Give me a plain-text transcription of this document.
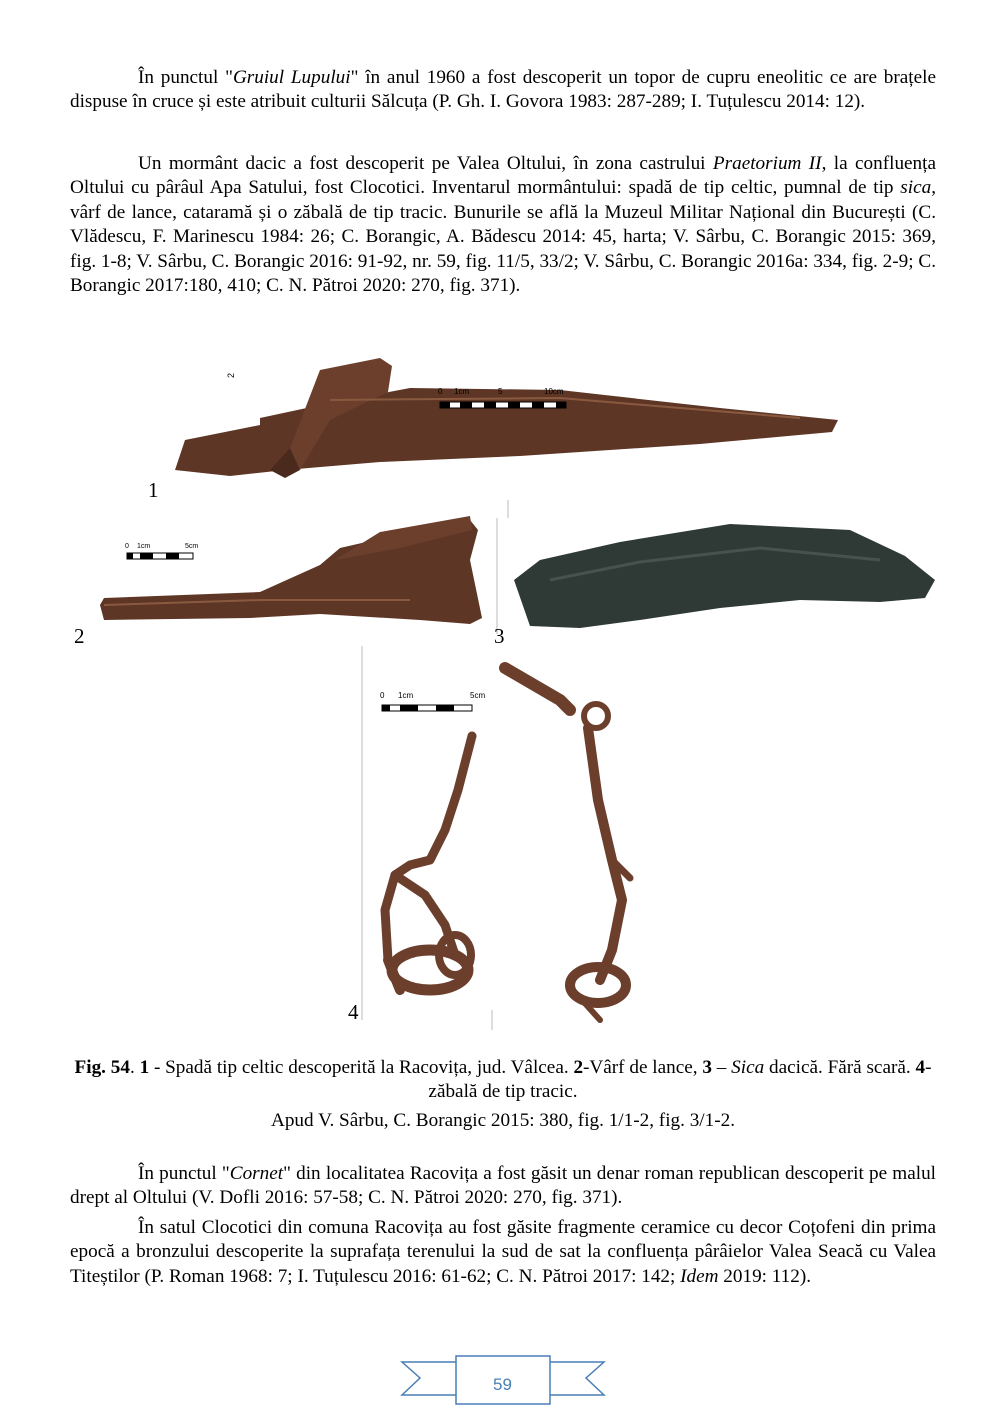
În punctul "Gruiul Lupului" în anul 1960 a fost descoperit un topor de cupru eneolitic ce are brațele dispuse în cruce și este atribuit culturii Sălcuța (P. Gh. I. Govora 1983: 287-289; I. Tuțulescu 2014: 12).

Un mormânt dacic a fost descoperit pe Valea Oltului, în zona castrului Praetorium II, la confluența Oltului cu pârâul Apa Satului, fost Clocotici. Inventarul mormântului: spadă de tip celtic, pumnal de tip sica, vârf de lance, cataramă și o zăbală de tip tracic. Bunurile se află la Muzeul Militar Național din București (C. Vlădescu, F. Marinescu 1984: 26; C. Borangic, A. Bădescu 2014: 45, harta; V. Sârbu, C. Borangic 2015: 369, fig. 1-8; V. Sârbu, C. Borangic 2016: 91-92, nr. 59, fig. 11/5, 33/2; V. Sârbu, C. Borangic 2016a: 334, fig. 2-9; C. Borangic 2017:180, 410; C. N. Pătroi 2020: 270, fig. 371).

0 1cm	5	10cm
2
0 1cm	5cm
0 1cm	5cm
1
2	3
4

Fig. 54. 1 - Spadă tip celtic descoperită la Racovița, jud. Vâlcea. 2-Vârf de lance, 3 – Sica dacică. Fără scară. 4-zăbală de tip tracic.

Apud V. Sârbu, C. Borangic 2015: 380, fig. 1/1-2, fig. 3/1-2.

În punctul "Cornet" din localitatea Racovița a fost găsit un denar roman republican descoperit pe malul drept al Oltului (V. Dofli 2016: 57-58; C. N. Pătroi 2020: 270, fig. 371).

În satul Clocotici din comuna Racovița au fost găsite fragmente ceramice cu decor Coțofeni din prima epocă a bronzului descoperite la suprafața terenului la sud de sat la confluența pârâielor Valea Seacă cu Valea Titeștilor (P. Roman 1968: 7; I. Tuțulescu 2016: 61-62; C. N. Pătroi 2017: 142; Idem 2019: 112).

59
